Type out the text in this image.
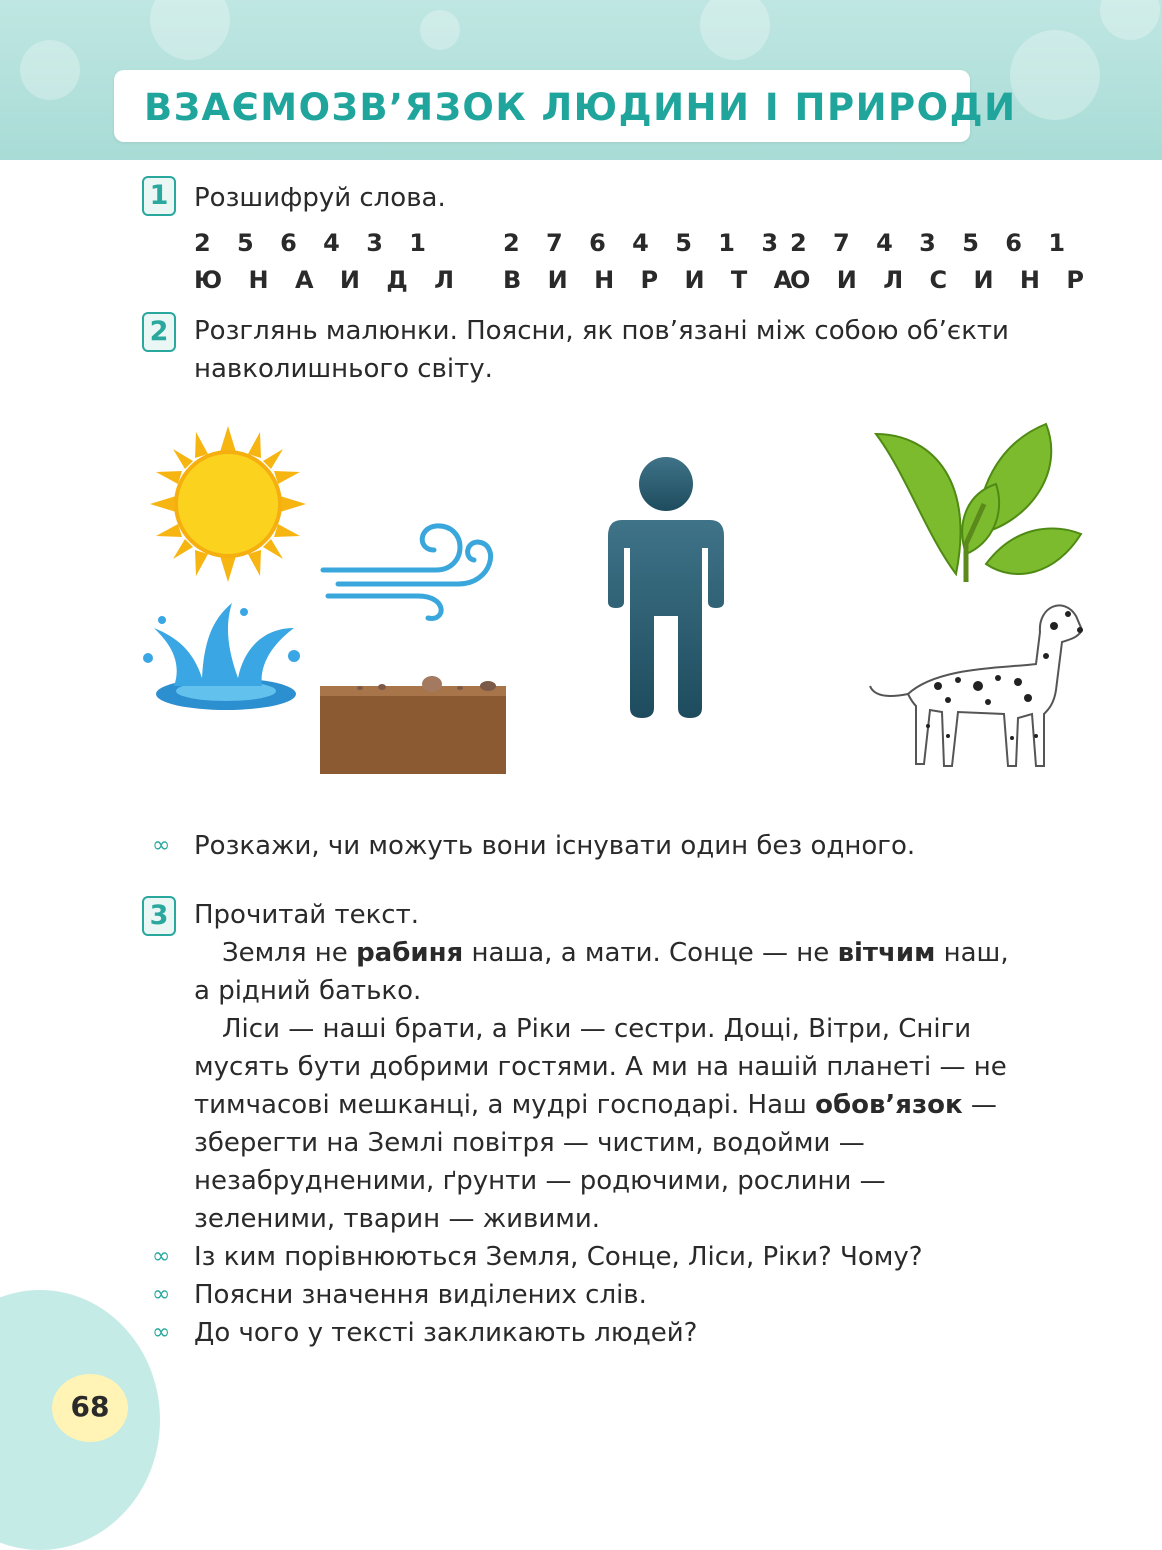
ВЗАЄМОЗВ’ЯЗОК ЛЮДИНИ І ПРИРОДИ
1 Розшифруй слова.
2 5 6 4 3 1
Ю Н А И Д Л
2 7 6 4 5 1 3
В И Н Р И Т А
2 7 4 3 5 6 1
О И Л С И Н Р
2 Розглянь малюнки. Поясни, як пов’язані між собою об’єкти
навколишнього світу.
∞ Розкажи, чи можуть вони існувати один без одного.
3 Прочитай текст.
Земля не рабиня наша, а мати. Сонце — не вітчим наш,
а рідний батько.
Ліси — наші брати, а Ріки — сестри. Дощі, Вітри, Сніги
мусять бути добрими гостями. А ми на нашій планеті — не
тимчасові мешканці, а мудрі господарі. Наш обов’язок —
зберегти на Землі повітря — чистим, водойми —
незабрудненими, ґрунти — родючими, рослини —
зеленими, тварин — живими.
∞ Із ким порівнюються Земля, Сонце, Ліси, Ріки? Чому?
∞ Поясни значення виділених слів.
∞ До чого у тексті закликають людей?
68
